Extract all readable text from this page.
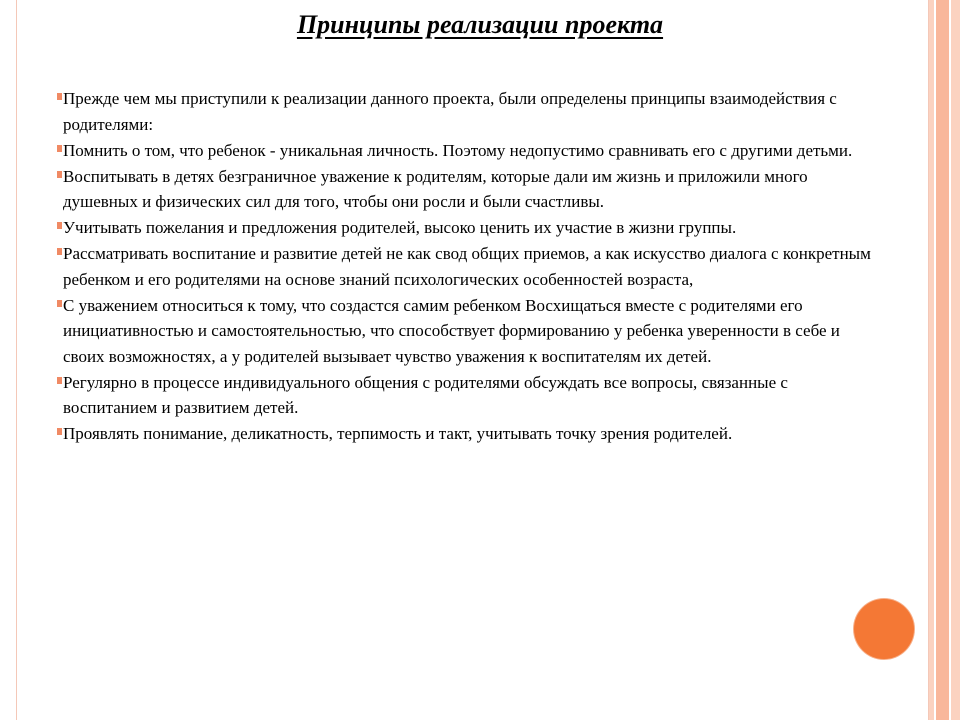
Принципы реализации проекта
Прежде чем мы приступили к реализации данного проекта, были определены принципы взаимодействия с родителями:
Помнить о том, что ребенок - уникальная личность. Поэтому недопустимо сравнивать его с другими детьми.
Воспитывать в детях безграничное уважение к родителям, которые дали им жизнь и приложили много душевных и физических сил для того, чтобы они росли и были счастливы.
Учитывать пожелания и предложения родителей, высоко ценить их участие в жизни группы.
Рассматривать воспитание и развитие детей не как свод общих приемов, а как искусство диалога с конкретным ребенком и его родителями на основе знаний психологических особенностей возраста,
С уважением относиться к тому, что создастся самим ребенком Восхищаться вместе с родителями его инициативностью и самостоятельностью, что способствует формированию у ребенка уверенности в себе и своих возможностях, а у родителей вызывает чувство уважения к воспитателям их детей.
Регулярно в процессе индивидуального общения с родителями обсуждать все вопросы, связанные с воспитанием и развитием детей.
Проявлять понимание, деликатность, терпимость и такт, учитывать точку зрения родителей.
